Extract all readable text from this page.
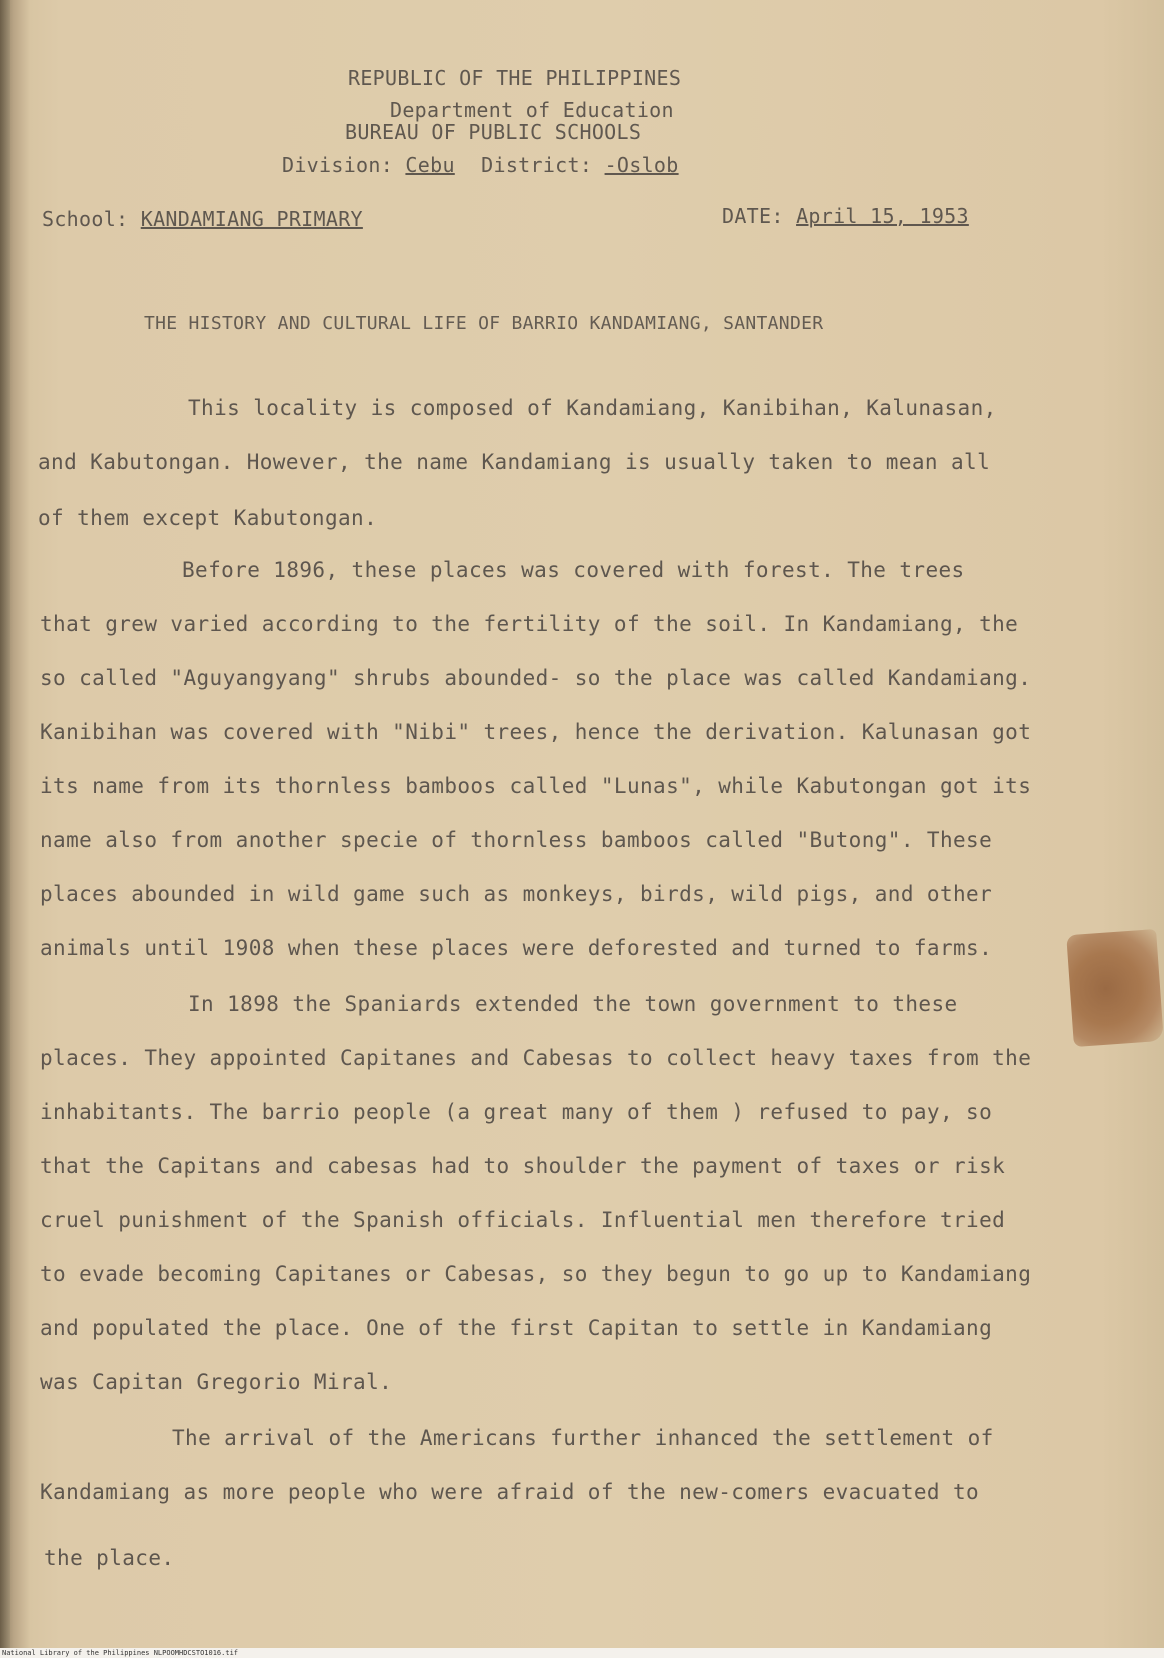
REPUBLIC OF THE PHILIPPINES
Department of Education
BUREAU OF PUBLIC SCHOOLS
Division: Cebu District: -Oslob
School: KANDAMIANG PRIMARY	DATE: April 15, 1953
THE HISTORY AND CULTURAL LIFE OF BARRIO KANDAMIANG, SANTANDER
This locality is composed of Kandamiang, Kanibihan, Kalunasan,
and Kabutongan. However, the name Kandamiang is usually taken to mean all
of them except Kabutongan.
Before 1896, these places was covered with forest. The trees
that grew varied according to the fertility of the soil. In Kandamiang, the
so called "Aguyangyang" shrubs abounded- so the place was called Kandamiang.
Kanibihan was covered with "Nibi" trees, hence the derivation. Kalunasan got
its name from its thornless bamboos called "Lunas", while Kabutongan got its
name also from another specie of thornless bamboos called "Butong". These
places abounded in wild game such as monkeys, birds, wild pigs, and other
animals until 1908 when these places were deforested and turned to farms.
In 1898 the Spaniards extended the town government to these
places. They appointed Capitanes and Cabesas to collect heavy taxes from the
inhabitants. The barrio people (a great many of them ) refused to pay, so
that the Capitans and cabesas had to shoulder the payment of taxes or risk
cruel punishment of the Spanish officials. Influential men therefore tried
to evade becoming Capitanes or Cabesas, so they begun to go up to Kandamiang
and populated the place. One of the first Capitan to settle in Kandamiang
was Capitan Gregorio Miral.
The arrival of the Americans further inhanced the settlement of
Kandamiang as more people who were afraid of the new-comers evacuated to
the place.
National Library of the Philippines NLPOOMHDCSTO1016.tif
